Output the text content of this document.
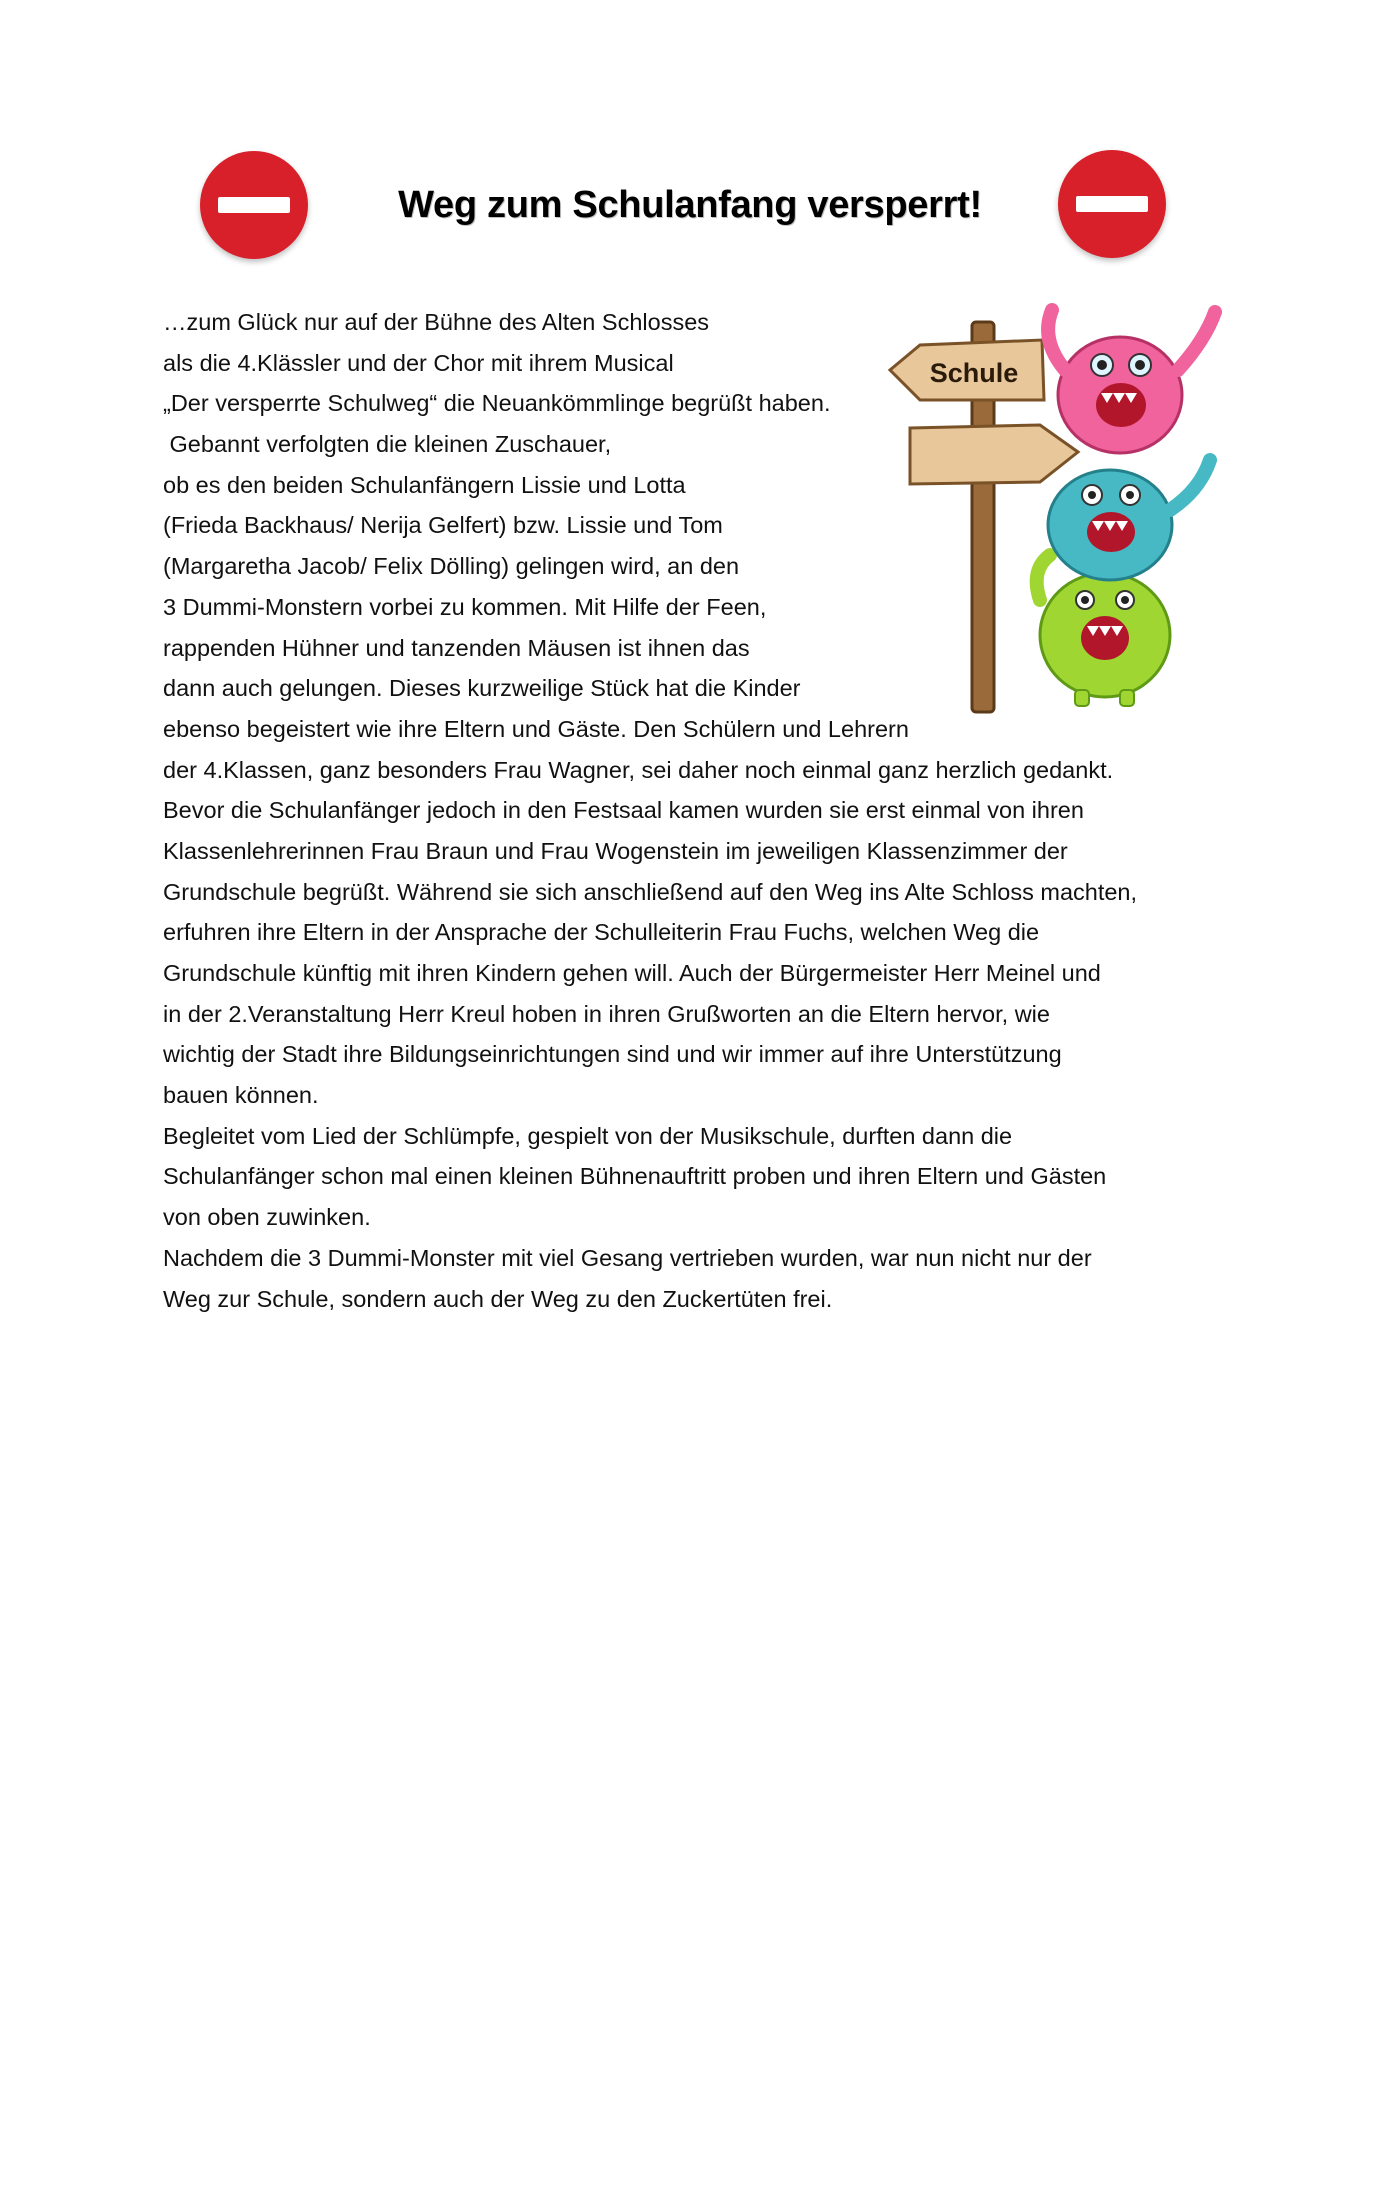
Weg zum Schulanfang versperrt!
Schule
…zum Glück nur auf der Bühne des Alten Schlosses
als die 4.Klässler und der Chor mit ihrem Musical
„Der versperrte Schulweg“ die Neuankömmlinge begrüßt haben.
Gebannt verfolgten die kleinen Zuschauer,
ob es den beiden Schulanfängern Lissie und Lotta
(Frieda Backhaus/ Nerija Gelfert) bzw. Lissie und Tom
(Margaretha Jacob/ Felix Dölling) gelingen wird, an den
3 Dummi-Monstern vorbei zu kommen. Mit Hilfe der Feen,
rappenden Hühner und tanzenden Mäusen ist ihnen das
dann auch gelungen. Dieses kurzweilige Stück hat die Kinder
ebenso begeistert wie ihre Eltern und Gäste. Den Schülern und Lehrern
der 4.Klassen, ganz besonders Frau Wagner, sei daher noch einmal ganz herzlich gedankt.
Bevor die Schulanfänger jedoch in den Festsaal kamen wurden sie erst einmal von ihren
Klassenlehrerinnen Frau Braun und Frau Wogenstein im jeweiligen Klassenzimmer der
Grundschule begrüßt. Während sie sich anschließend auf den Weg ins Alte Schloss machten,
erfuhren ihre Eltern in der Ansprache der Schulleiterin Frau Fuchs, welchen Weg die
Grundschule künftig mit ihren Kindern gehen will. Auch der Bürgermeister Herr Meinel und
in der 2.Veranstaltung Herr Kreul hoben in ihren Grußworten an die Eltern hervor, wie
wichtig der Stadt ihre Bildungseinrichtungen sind und wir immer auf ihre Unterstützung
bauen können.
Begleitet vom Lied der Schlümpfe, gespielt von der Musikschule, durften dann die
Schulanfänger schon mal einen kleinen Bühnenauftritt proben und ihren Eltern und Gästen
von oben zuwinken.
Nachdem die 3 Dummi-Monster mit viel Gesang vertrieben wurden, war nun nicht nur der
Weg zur Schule, sondern auch der Weg zu den Zuckertüten frei.
